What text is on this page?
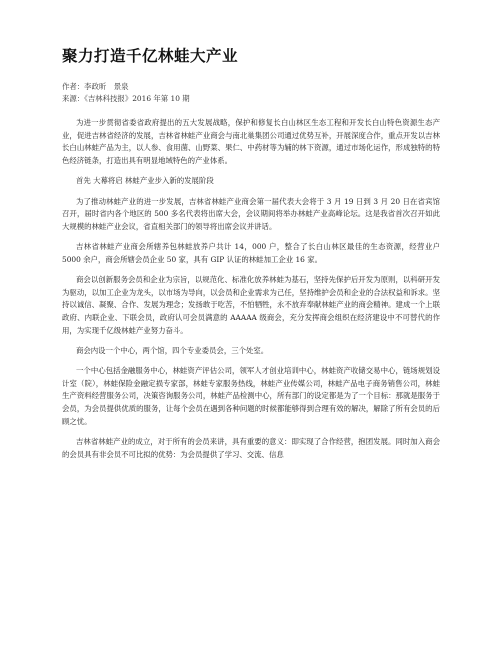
聚力打造千亿林蛙大产业

作者：李政昕　景泉

来源：《吉林科技报》2016 年第 10 期

为进一步贯彻省委省政府提出的五大发展战略，保护和修复长白山林区生态工程和开发长白山特色资源生态产业，促进吉林省经济的发展，吉林省林蛙产业商会与南北巢集团公司通过优势互补，开展深度合作，重点开发以吉林长白山林蛙产品为主，以人参、食用菌、山野菜、果仁、中药材等为辅的林下资源，通过市场化运作，形成独特的特色经济链条，打造出具有明显地域特色的产业体系。

首先 大幕将启 林蛙产业步入新的发展阶段

为了推动林蛙产业的进一步发展，吉林省林蛙产业商会第一届代表大会将于 3 月 19 日到 3 月 20 日在省宾馆召开，届时省内各个地区的 500 多名代表将出席大会，会议期间将举办林蛙产业高峰论坛。这是我省首次召开如此大规模的林蛙产业会议，省直相关部门的领导将出席会议并讲话。

吉林省林蛙产业商会所辖养包林蛙放养户共计 14，000 户，整合了长白山林区最佳的生态资源，经营业户 5000 余户，商会所辖会员企业 50 家，具有 GIP 认证的林蛙加工企业 16 家。

商会以创新服务会员和企业为宗旨，以规范化、标准化放养林蛙为基石，坚持先保护后开发为原则，以科研开发为驱动，以加工企业为龙头，以市场为导向，以会员和企业需求为己任，坚持维护会员和企业的合法权益和诉求。坚持以诚信、凝聚、合作、发展为理念；发扬敢于吃苦，不怕牺牲，永不放弃奉献林蛙产业的商会精神。建成一个上联政府、内联企业、下联会员，政府认可会员满意的 AAAAA 级商会，充分发挥商会组织在经济建设中不可替代的作用，为实现千亿级林蛙产业努力奋斗。

商会内设一个中心，两个馆，四个专业委员会，三个处室。

一个中心包括金融服务中心，林蛙资产评估公司，领军人才创业培训中心，林蛙资产收储交易中心，链场规划设计室（院），林蛙保险金融定损专家部，林蛙专家服务热线，林蛙产业传媒公司，林蛙产品电子商务销售公司，林蛙生产资料经营服务公司，决策咨询服务公司，林蛙产品检测中心，所有部门的设定都是为了一个目标：那就是服务于会员，为会员提供优质的服务，让每个会员在遇到各种问题的时候都能够得到合理有效的解决，解除了所有会员的后顾之忧。

吉林省林蛙产业的成立，对于所有的会员来讲，具有重要的意义：即实现了合作经营，抱团发展。同时加入商会的会员具有非会员不可比拟的优势：为会员提供了学习、交流、信息
